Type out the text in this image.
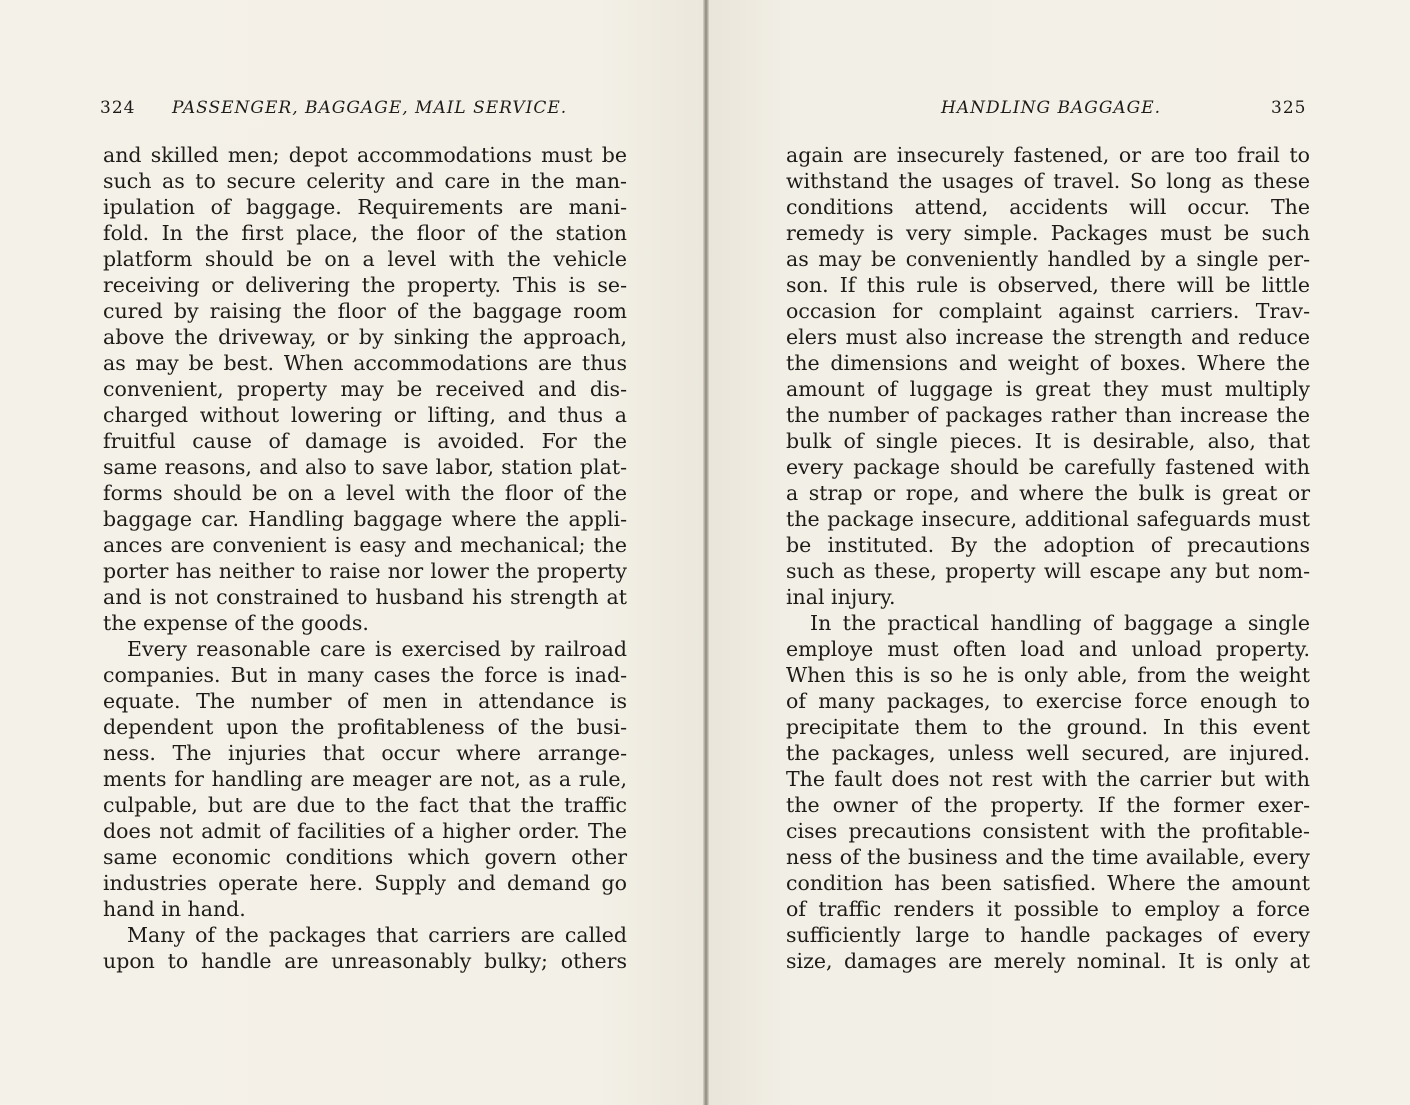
324 PASSENGER, BAGGAGE, MAIL SERVICE.
and skilled men; depot accommodations must be
such as to secure celerity and care in the man-
ipulation of baggage. Requirements are mani-
fold. In the first place, the floor of the station
platform should be on a level with the vehicle
receiving or delivering the property. This is se-
cured by raising the floor of the baggage room
above the driveway, or by sinking the approach,
as may be best. When accommodations are thus
convenient, property may be received and dis-
charged without lowering or lifting, and thus a
fruitful cause of damage is avoided. For the
same reasons, and also to save labor, station plat-
forms should be on a level with the floor of the
baggage car. Handling baggage where the appli-
ances are convenient is easy and mechanical; the
porter has neither to raise nor lower the property
and is not constrained to husband his strength at
the expense of the goods.
Every reasonable care is exercised by railroad
companies. But in many cases the force is inad-
equate. The number of men in attendance is
dependent upon the profitableness of the busi-
ness. The injuries that occur where arrange-
ments for handling are meager are not, as a rule,
culpable, but are due to the fact that the traffic
does not admit of facilities of a higher order. The
same economic conditions which govern other
industries operate here. Supply and demand go
hand in hand.
Many of the packages that carriers are called
upon to handle are unreasonably bulky; others
HANDLING BAGGAGE.	325
again are insecurely fastened, or are too frail to
withstand the usages of travel. So long as these
conditions attend, accidents will occur. The
remedy is very simple. Packages must be such
as may be conveniently handled by a single per-
son. If this rule is observed, there will be little
occasion for complaint against carriers. Trav-
elers must also increase the strength and reduce
the dimensions and weight of boxes. Where the
amount of luggage is great they must multiply
the number of packages rather than increase the
bulk of single pieces. It is desirable, also, that
every package should be carefully fastened with
a strap or rope, and where the bulk is great or
the package insecure, additional safeguards must
be instituted. By the adoption of precautions
such as these, property will escape any but nom-
inal injury.
In the practical handling of baggage a single
employe must often load and unload property.
When this is so he is only able, from the weight
of many packages, to exercise force enough to
precipitate them to the ground. In this event
the packages, unless well secured, are injured.
The fault does not rest with the carrier but with
the owner of the property. If the former exer-
cises precautions consistent with the profitable-
ness of the business and the time available, every
condition has been satisfied. Where the amount
of traffic renders it possible to employ a force
sufficiently large to handle packages of every
size, damages are merely nominal. It is only at
